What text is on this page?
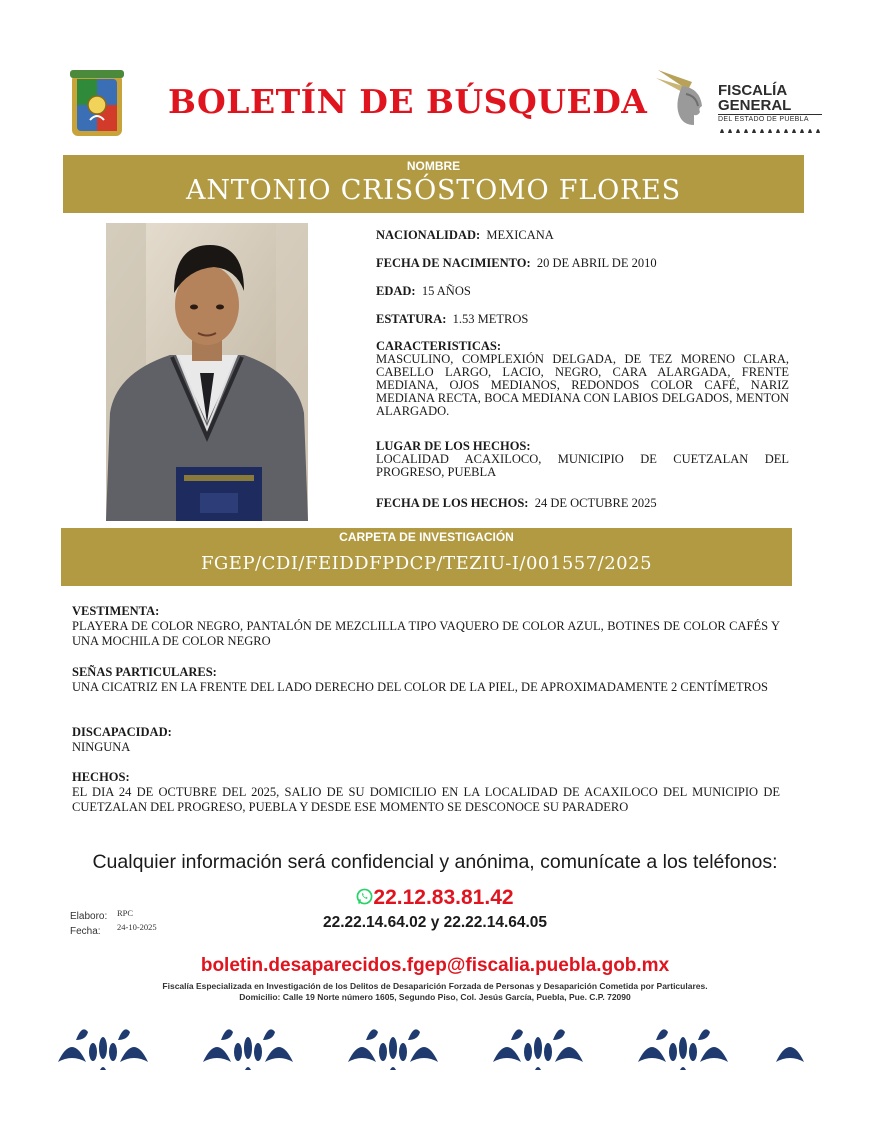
BOLETÍN DE BÚSQUEDA	FISCALÍA
GENERAL
DEL ESTADO DE PUEBLA
NOMBRE
ANTONIO CRISÓSTOMO FLORES
NACIONALIDAD: MEXICANA
FECHA DE NACIMIENTO: 20 DE ABRIL DE 2010
EDAD: 15 AÑOS
ESTATURA: 1.53 METROS
CARACTERISTICAS:
MASCULINO, COMPLEXIÓN DELGADA, DE TEZ MORENO CLARA, CABELLO LARGO, LACIO, NEGRO, CARA ALARGADA, FRENTE MEDIANA, OJOS MEDIANOS, REDONDOS COLOR CAFÉ, NARIZ MEDIANA RECTA, BOCA MEDIANA CON LABIOS DELGADOS, MENTON ALARGADO.
LUGAR DE LOS HECHOS:
LOCALIDAD ACAXILOCO, MUNICIPIO DE CUETZALAN DEL PROGRESO, PUEBLA
FECHA DE LOS HECHOS: 24 DE OCTUBRE 2025
CARPETA DE INVESTIGACIÓN
FGEP/CDI/FEIDDFPDCP/TEZIU-I/001557/2025
VESTIMENTA:
PLAYERA DE COLOR NEGRO, PANTALÓN DE MEZCLILLA TIPO VAQUERO DE COLOR AZUL, BOTINES DE COLOR CAFÉS Y UNA MOCHILA DE COLOR NEGRO
SEÑAS PARTICULARES:
UNA CICATRIZ EN LA FRENTE DEL LADO DERECHO DEL COLOR DE LA PIEL, DE APROXIMADAMENTE 2 CENTÍMETROS
DISCAPACIDAD:
NINGUNA
HECHOS:
EL DIA 24 DE OCTUBRE DEL 2025, SALIO DE SU DOMICILIO EN LA LOCALIDAD DE ACAXILOCO DEL MUNICIPIO DE CUETZALAN DEL PROGRESO, PUEBLA Y DESDE ESE MOMENTO SE DESCONOCE SU PARADERO
Cualquier información será confidencial y anónima, comunícate a los teléfonos:
22.12.83.81.42
22.22.14.64.02 y 22.22.14.64.05
Elaboro: RPC
Fecha: 24-10-2025
boletin.desaparecidos.fgep@fiscalia.puebla.gob.mx
Fiscalía Especializada en Investigación de los Delitos de Desaparición Forzada de Personas y Desaparición Cometida por Particulares.
Domicilio: Calle 19 Norte número 1605, Segundo Piso, Col. Jesús García, Puebla, Pue. C.P. 72090
